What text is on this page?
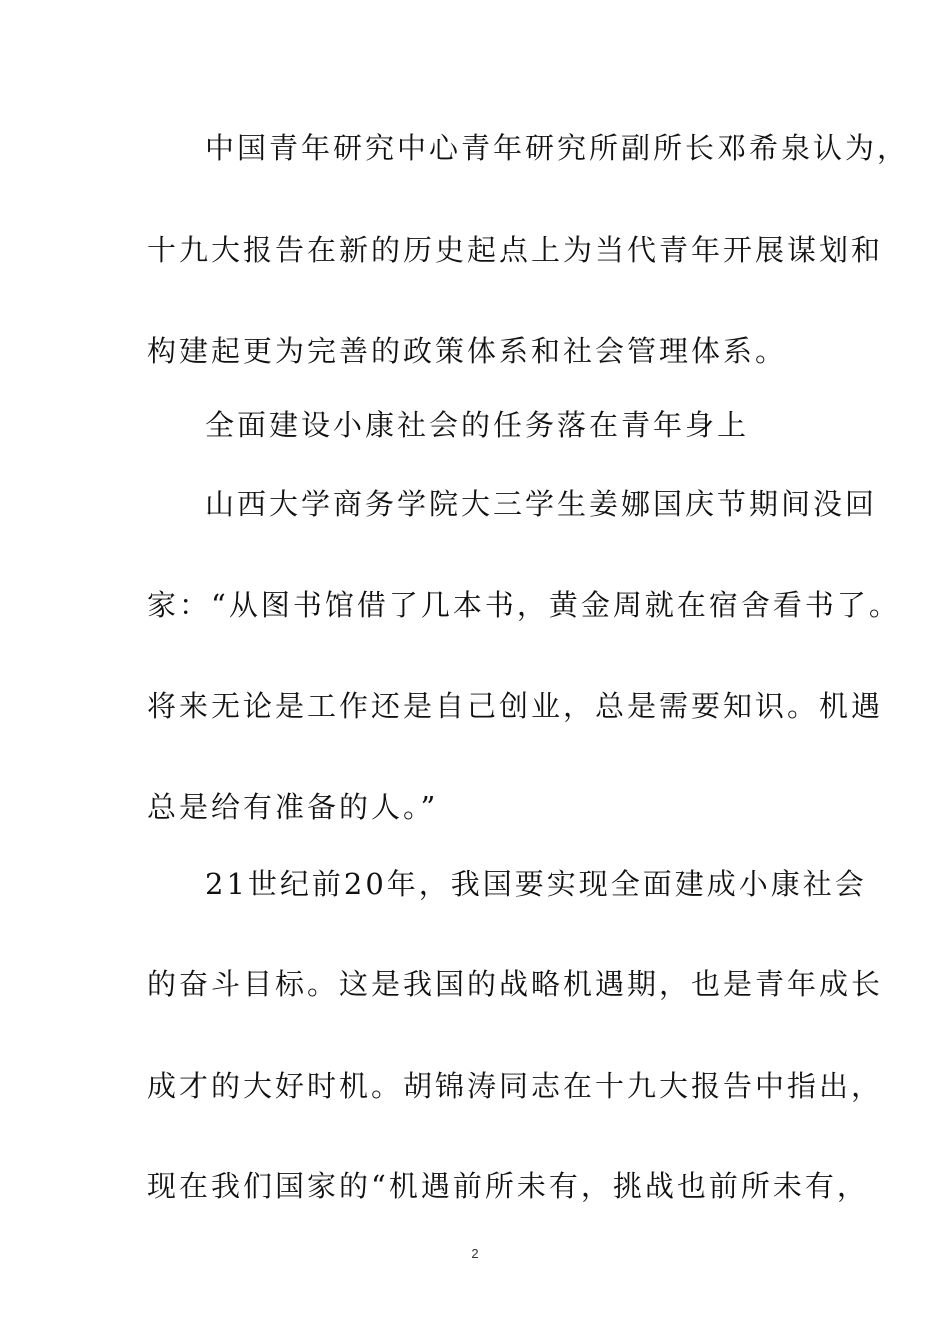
中国青年研究中心青年研究所副所长邓希泉认为，
十九大报告在新的历史起点上为当代青年开展谋划和
构建起更为完善的政策体系和社会管理体系。
全面建设小康社会的任务落在青年身上
山西大学商务学院大三学生姜娜国庆节期间没回
家：“从图书馆借了几本书，黄金周就在宿舍看书了。
将来无论是工作还是自己创业，总是需要知识。机遇
总是给有准备的人。”
21世纪前20年，我国要实现全面建成小康社会
的奋斗目标。这是我国的战略机遇期，也是青年成长
成才的大好时机。胡锦涛同志在十九大报告中指出，
现在我们国家的“机遇前所未有，挑战也前所未有，
2
